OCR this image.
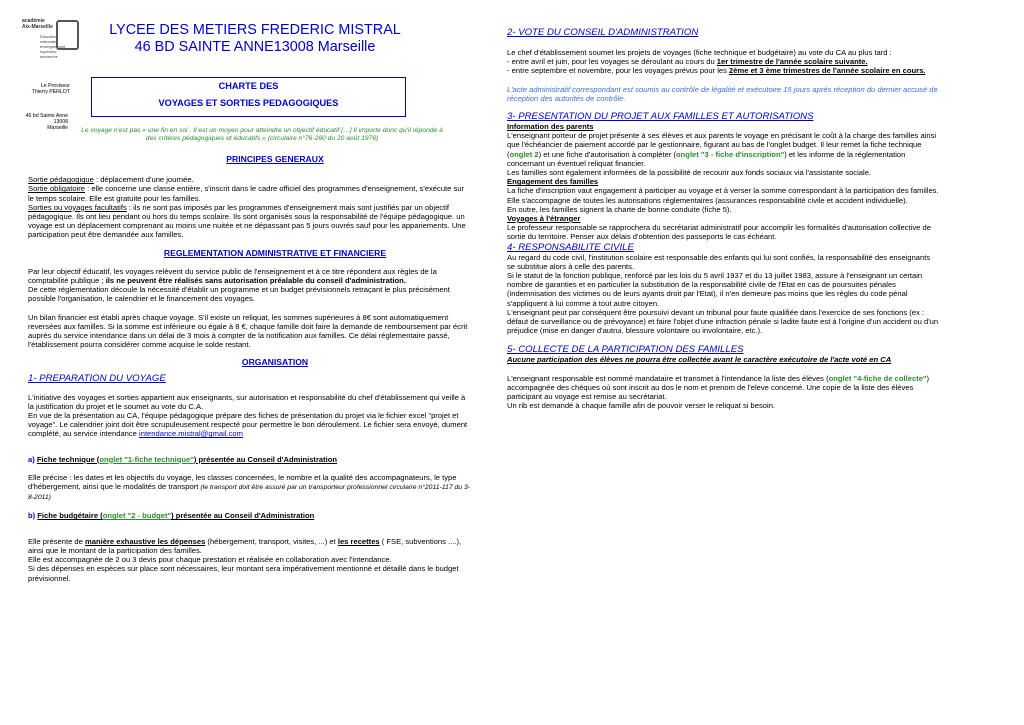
académie
Aix-Marseille
Éducation
nationale
enseignement
supérieur
recherche
Le Proviseur
Thierry PERLOT
46 bd Sainte Anne
13008
Marseille
LYCEE DES METIERS FREDERIC MISTRAL
46 BD SAINTE ANNE13008 Marseille
CHARTE DES
VOYAGES ET SORTIES PEDAGOGIQUES
Le voyage n'est pas « une fin en soi . Il est un moyen pour atteindre un objectif éducatif […] Il importe donc qu'il réponde à des critères pédagogiques et éducatifs » (circulaire n°76-260 du 20 août 1976)
PRINCIPES GENERAUX

Sortie pédagogique : déplacement d'une journée.

Sortie obligatoire : elle concerne une classe entière, s'inscrit dans le cadre officiel des programmes d'enseignement, s'exécute sur le temps scolaire. Elle est gratuite pour les familles.

Sorties ou voyages facultatifs : ils ne sont pas imposés par les programmes d'enseignement mais sont justifiés par un objectif pédagogique. Ils ont lieu pendant ou hors du temps scolaire. Ils sont organisés sous la responsabilité de l'équipe pédagogique. un voyage est un déplacement comprenant au moins une nuitée et ne dépassant pas 5 jours ouvrés sauf pour les appariements. Une participation peut être demandée aux familles.

REGLEMENTATION ADMINISTRATIVE ET FINANCIERE

Par leur objectif éducatif, les voyages relèvent du service public de l'enseignement et à ce titre répondent aux règles de la comptabilité publique ; ils ne peuvent être réalisés sans autorisation préalable du conseil d'administration.

De cette réglementation découle la nécessité d'établir un programme et un budget prévisionnels retraçant le plus précisément possible l'organisation, le calendrier et le financement des voyages.

Un bilan financier est établi après chaque voyage. S'il existe un reliquat, les sommes supérieures à 8€ sont automatiquement reversées aux familles. Si la somme est inférieure ou égale à 8 €, chaque famille doit faire la demande de remboursement par écrit auprès du service intendance dans un délai de 3 mois à compter de la notification aux familles. Ce délai réglementaire passé, l'établissement pourra considérer comme acquise le solde restant.

ORGANISATION
1- PREPARATION DU VOYAGE

L'initiative des voyages et sorties appartient aux enseignants, sur autorisation et responsabilité du chef d'établissement qui veille à la justification du projet et le soumet au vote du C.A.

En vue de la présentation au CA, l'équipe pédagogique prépare des fiches de présentation du projet via le fichier excel "projet et voyage". Le calendrier joint doit être scrupuleusement respecté pour permettre le bon déroulement. Le fichier sera envoyé, dument complété, au service intendance intendance.mistral@gmail.com

a) Fiche technique (onglet "1-fiche technique") présentée au Conseil d'Administration

Elle précise : les dates et les objectifs du voyage, les classes concernées, le nombre et la qualité des accompagnateurs, le type d'hébergement, ainsi que le modalités de transport (le transport doit être assuré par un transporteur professionnel circulaire n°2011-117 du 3-8-2011)

b) Fiche budgétaire (onglet "2 - budget") présentée au Conseil d'Administration

Elle présente de manière exhaustive les dépenses (hébergement, transport, visites, ...) et les recettes ( FSE, subventions ....), ainsi que le montant de la participation des familles.

Elle est accompagnée de 2 ou 3 devis pour chaque prestation et réalisée en collaboration avec l'intendance.

Si des dépenses en espèces sur place sont nécessaires, leur montant sera impérativement mentionné et détaillé dans le budget prévisionnel.

2- VOTE DU CONSEIL D'ADMINISTRATION

Le chef d'établissement soumet les projets de voyages (fiche technique et budgétaire) au vote du CA au plus tard :

- entre avril et juin, pour les voyages se déroulant au cours du 1er trimestre de l'année scolaire suivante.

- entre septembre et novembre, pour les voyages prévus pour les 2ème et 3 ème trimestres de l'année scolaire en cours.

L'acte administratif correspondant est soumis au contrôle de légalité et exécutoire 15 jours après réception du dernier accusé de réception des autorités de contrôle.

3- PRESENTATION DU PROJET AUX FAMILLES ET AUTORISATIONS

Information des parents

L'enseignant porteur de projet présente à ses élèves et aux parents le voyage en précisant le coût à la charge des familles ainsi que l'échéancier de paiement accordé par le gestionnaire, figurant au bas de l'onglet budget. Il leur remet la fiche technique (onglet 2) et une fiche d'autorisation à compléter (onglet "3 - fiche d'inscription") et les informe de la réglementation concernant un éventuel reliquat financier.

Les familles sont également informées de la possibilité de recourir aux fonds sociaux via l'assistante sociale.

Engagement des familles

La fiche d'inscription vaut engagement à participer au voyage et à verser la somme correspondant à la participation des familles.

Elle s'accompagne de toutes les autorisations réglementaires (assurances responsabilité civile et accident individuelle).

En outre, les familles signent la charte de bonne conduite (fiche 5).

Voyages à l'étranger

Le professeur responsable se rapprochera du secrétariat administratif pour accomplir les formalités d'autorisation collective de sortie du territoire. Penser aux délais d'obtention des passeports le cas échéant.

4- RESPONSABILITE CIVILE

Au regard du code civil, l'institution scolaire est responsable des enfants qui lui sont confiés, la responsabilité des enseignants se substitue alors à celle des parents.

Si le statut de la fonction publique, renforcé par les lois du 5 avril 1937 et du 13 juillet 1983, assure à l'enseignant un certain nombre de garanties et en particulier la substitution de la responsabilité civile de l'Etat en cas de poursuites pénales (indemnisation des victimes ou de leurs ayants droit par l'Etat), il n'en demeure pas moins que les règles du code pénal s'appliquent à lui comme à tout autre citoyen.

L'enseignant peut par conséquent être poursuivi devant un tribunal pour faute qualifiée dans l'exercice de ses fonctions (ex : défaut de surveillance ou de prévoyance) et faire l'objet d'une infraction pénale si ladite faute est à l'origine d'un accident ou d'un préjudice (mise en danger d'autrui, blessure volontaire ou involontaire, etc.).

5- COLLECTE DE LA PARTICIPATION DES FAMILLES

Aucune participation des élèves ne pourra être collectée avant le caractère exécutoire de l'acte voté en CA

L'enseignant responsable est nommé mandataire et transmet à l'intendance la liste des élèves (onglet "4-fiche de collecte") accompagnée des chèques où sont inscrit au dos le nom et prenom de l'eleve concerné. Une copie de la liste des élèves participant au voyage est remise au secrétariat.

Un rib est demandé à chaque famille afin de pouvoir verser le reliquat si besoin.
